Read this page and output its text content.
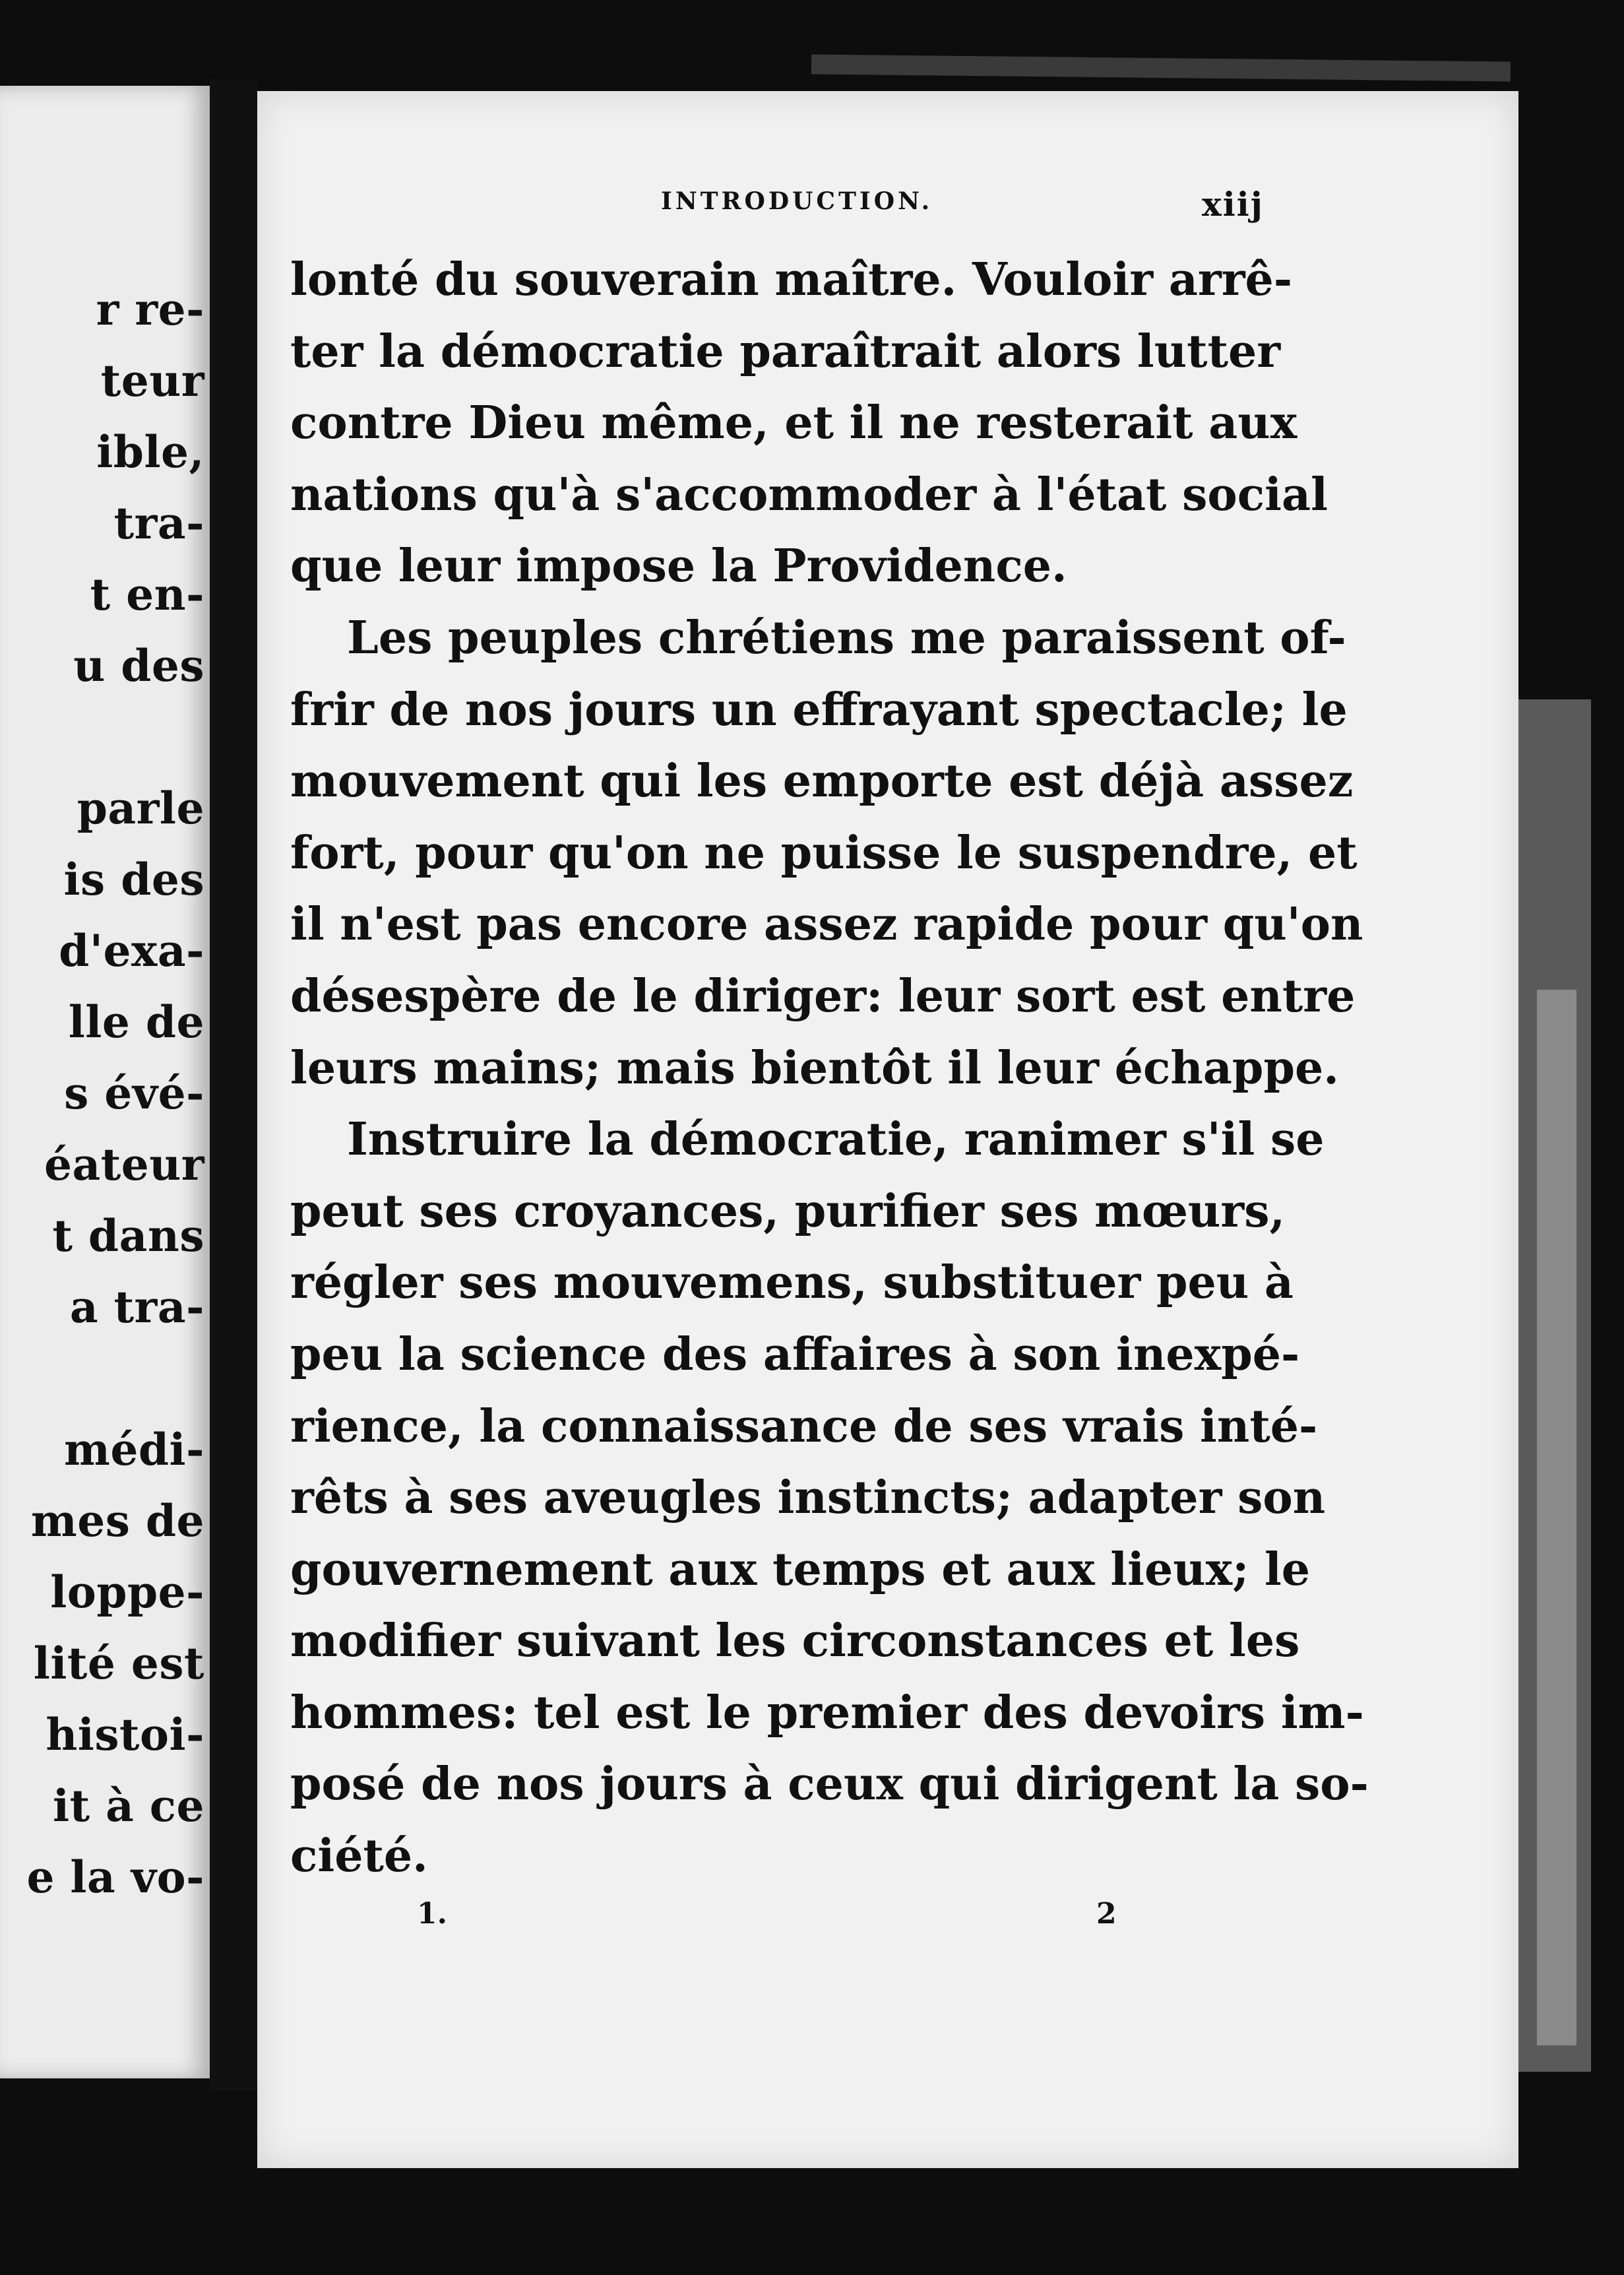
r re-
teur
ible,
tra-
t en-
u des
parle
is des
d'exa-
lle de
s évé-
éateur
t dans
a tra-
médi-
mes de
loppe-
lité est
histoi-
it à ce
e la vo-
INTRODUCTION.	xiij
lonté du souverain maître. Vouloir arrê-
ter la démocratie paraîtrait alors lutter
contre Dieu même, et il ne resterait aux
nations qu'à s'accommoder à l'état social
que leur impose la Providence.
Les peuples chrétiens me paraissent of-
frir de nos jours un effrayant spectacle; le
mouvement qui les emporte est déjà assez
fort, pour qu'on ne puisse le suspendre, et
il n'est pas encore assez rapide pour qu'on
désespère de le diriger: leur sort est entre
leurs mains; mais bientôt il leur échappe.
Instruire la démocratie, ranimer s'il se
peut ses croyances, purifier ses mœurs,
régler ses mouvemens, substituer peu à
peu la science des affaires à son inexpé-
rience, la connaissance de ses vrais inté-
rêts à ses aveugles instincts; adapter son
gouvernement aux temps et aux lieux; le
modifier suivant les circonstances et les
hommes: tel est le premier des devoirs im-
posé de nos jours à ceux qui dirigent la so-
ciété.
1.	2
